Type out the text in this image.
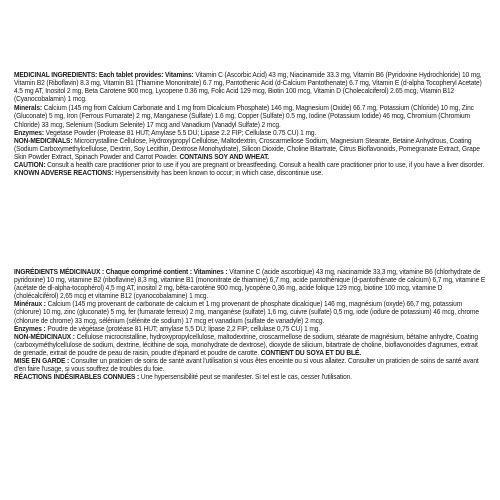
MEDICINAL INGREDIENTS: Each tablet provides: Vitamins: Vitamin C (Ascorbic Acid) 43 mg, Niacinamide 33.3 mg, Vitamin B6 (Pyridoxine Hydrochloride) 10 mg, Vitamin B2 (Riboflavin) 8.3 mg, Vitamin B1 (Thiamine Mononitrate) 6.7 mg, Pantothenic Acid (d-Calcium Pantothenate) 6.7 mg, Vitamin E (d-alpha Tocopheryl Acetate) 4.5 mg AT, Inositol 2 mg, Beta Carotene 900 mcg, Lycopene 0.36 mg, Folic Acid 129 mcg, Biotin 100 mcg, Vitamin D (Cholecalciferol) 2.65 mcg, Vitamin B12 (Cyanocobalamin) 1 mcg.

Minerals: Calcium (145 mg from Calcium Carbonate and 1 mg from Dicalcium Phosphate) 146 mg, Magnesium (Oxide) 66.7 mg, Potassium (Chloride) 10 mg, Zinc (Gluconate) 5 mg, Iron (Ferrous Fumarate) 2 mg, Manganese (Sulfate) 1.6 mg, Copper (Sulfate) 0.5 mg, Iodine (Potassium Iodide) 46 mcg, Chromium (Chromium Chloride) 33 mcg, Selenium (Sodium Selenite) 17 mcg and Vanadium (Vanadyl Sulfate) 2 mcg.

Enzymes: Vegetase Powder (Protease 81 HUT; Amylase 5.5 DU; Lipase 2.2 FIP; Cellulase 0.75 CU) 1 mg.

NON-MEDICINALS: Microcrystalline Cellulose, Hydroxypropyl Cellulose, Maltodextrin, Croscarmellose Sodium, Magnesium Stearate, Betaine Anhydrous, Coating (Sodium Carboxymethylcellulose, Dextrin, Soy Lecithin, Dextrose Monohydrate), Silicon Dioxide, Choline Bitartrate, Citrus Bioflavonoids, Pomegranate Extract, Grape Skin Powder Extract, Spinach Powder and Carrot Powder. CONTAINS SOY AND WHEAT.

CAUTION: Consult a health care practitioner prior to use if you are pregnant or breastfeeding. Consult a health care practitioner prior to use, if you have a liver disorder.

KNOWN ADVERSE REACTIONS: Hypersensitivity has been known to occur; in which case, discontinue use.

INGRÉDIENTS MÉDICINAUX : Chaque comprimé contient : Vitamines : Vitamine C (acide ascorbique) 43 mg, niacinamide 33,3 mg, vitamine B6 (chlorhydrate de pyridoxine) 10 mg, vitamine B2 (riboflavine) 8,3 mg, vitamine B1 (mononitrate de thiamine) 6,7 mg, acide pantothénique (d-pantothénate de calcium) 6,7 mg, vitamine E (acétate de dl-alpha-tocophérol) 4,5 mg AT, inositol 2 mg, bêta-carotène 900 mcg, lycopène 0,36 mg, acide folique 129 mcg, biotine 100 mcg, vitamine D (cholécalciférol) 2,65 mcg et vitamine B12 (cyanocobalamine) 1 mcg.

Minéraux : Calcium (145 mg provenant de carbonate de calcium et 1 mg provenant de phosphate dicalcique) 146 mg, magnésium (oxyde) 66,7 mg, potassium (chlorure) 10 mg, zinc (gluconate) 5 mg, fer (fumarate ferreux) 2 mg, manganèse (sulfate) 1,6 mg, cuivre (sulfate) 0,5 mg, iode (iodure de potassium) 46 mcg, chrome (chlorure de chrome) 33 mcg, sélénium (sélénite de sodium) 17 mcg et vanadium (sulfate de vanadyle) 2 mcg.

Enzymes : Poudre de végétase (protéase 81 HUT; amylase 5,5 DU; lipase 2,2 FIP; cellulase 0,75 CU) 1 mg.

NON-MÉDICINAUX : Cellulose microcristalline, hydroxypropylcellulose, maltodextrine, croscarmellose de sodium, stéarate de magnésium, bétaïne anhydre, Coating (carboxyméthylcellulose de sodium, dextrine, lécithine de soja, monohydrate de dextrose), dioxyde de silicium, bitartrate de choline, bioflavonoïdes d'agrumes, extrait de grenade, extrait de poudre de peau de raisin, poudre d'épinard et poudre de carotte. CONTIENT DU SOYA ET DU BLÉ.

MISE EN GARDE : Consulter un praticien de soins de santé avant l'utilisation si vous êtes enceinte ou si vous allaitez. Consulter un praticien de soins de santé avant d'en faire l'usage, si vous souffrez de troubles du foie.

RÉACTIONS INDÉSIRABLES CONNUES : Une hypersensibilité peut se manifester. Si tel est le cas, cesser l'utilisation.
